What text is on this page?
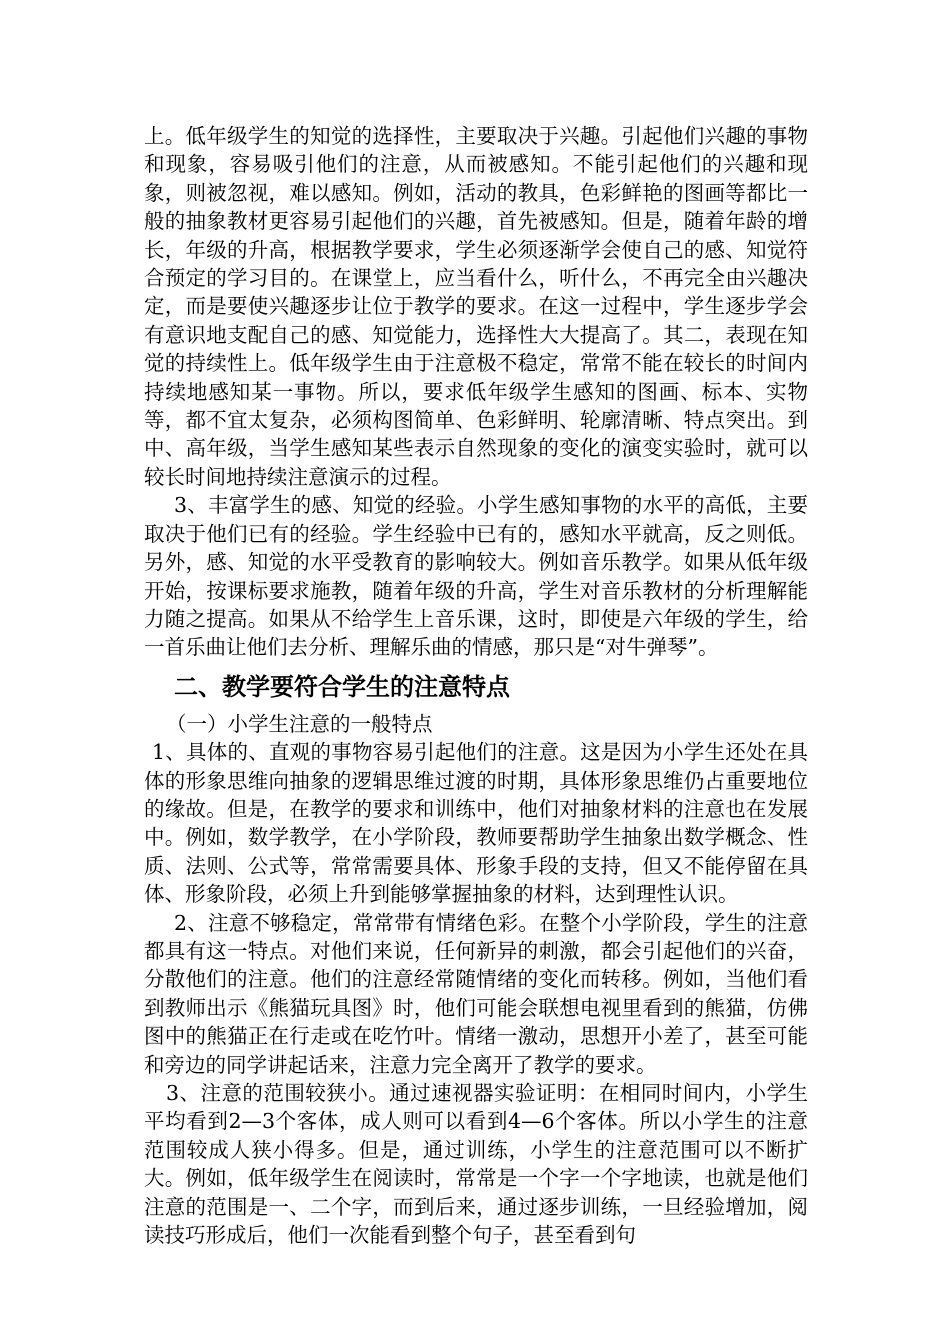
上。低年级学生的知觉的选择性，主要取决于兴趣。引起他们兴趣的事物和现象，容易吸引他们的注意，从而被感知。不能引起他们的兴趣和现象，则被忽视，难以感知。例如，活动的教具，色彩鲜艳的图画等都比一般的抽象教材更容易引起他们的兴趣，首先被感知。但是，随着年龄的增长，年级的升高，根据教学要求，学生必须逐渐学会使自己的感、知觉符合预定的学习目的。在课堂上，应当看什么，听什么，不再完全由兴趣决定，而是要使兴趣逐步让位于教学的要求。在这一过程中，学生逐步学会有意识地支配自己的感、知觉能力，选择性大大提高了。其二，表现在知觉的持续性上。低年级学生由于注意极不稳定，常常不能在较长的时间内持续地感知某一事物。所以，要求低年级学生感知的图画、标本、实物等，都不宜太复杂，必须构图简单、色彩鲜明、轮廓清晰、特点突出。到中、高年级，当学生感知某些表示自然现象的变化的演变实验时，就可以较长时间地持续注意演示的过程。

3、丰富学生的感、知觉的经验。小学生感知事物的水平的高低，主要取决于他们已有的经验。学生经验中已有的，感知水平就高，反之则低。另外，感、知觉的水平受教育的影响较大。例如音乐教学。如果从低年级开始，按课标要求施教，随着年级的升高，学生对音乐教材的分析理解能力随之提高。如果从不给学生上音乐课，这时，即使是六年级的学生，给一首乐曲让他们去分析、理解乐曲的情感，那只是“对牛弹琴”。

二、教学要符合学生的注意特点

（一）小学生注意的一般特点

1、具体的、直观的事物容易引起他们的注意。这是因为小学生还处在具体的形象思维向抽象的逻辑思维过渡的时期，具体形象思维仍占重要地位的缘故。但是，在教学的要求和训练中，他们对抽象材料的注意也在发展中。例如，数学教学，在小学阶段，教师要帮助学生抽象出数学概念、性质、法则、公式等，常常需要具体、形象手段的支持，但又不能停留在具体、形象阶段，必须上升到能够掌握抽象的材料，达到理性认识。

2、注意不够稳定，常常带有情绪色彩。在整个小学阶段，学生的注意都具有这一特点。对他们来说，任何新异的刺激，都会引起他们的兴奋，分散他们的注意。他们的注意经常随情绪的变化而转移。例如，当他们看到教师出示《熊猫玩具图》时，他们可能会联想电视里看到的熊猫，仿佛图中的熊猫正在行走或在吃竹叶。情绪一激动，思想开小差了，甚至可能和旁边的同学讲起话来，注意力完全离开了教学的要求。

3、注意的范围较狭小。通过速视器实验证明：在相同时间内，小学生平均看到2—3个客体，成人则可以看到4—6个客体。所以小学生的注意范围较成人狭小得多。但是，通过训练，小学生的注意范围可以不断扩大。例如，低年级学生在阅读时，常常是一个字一个字地读，也就是他们注意的范围是一、二个字，而到后来，通过逐步训练，一旦经验增加，阅读技巧形成后，他们一次能看到整个句子，甚至看到句
